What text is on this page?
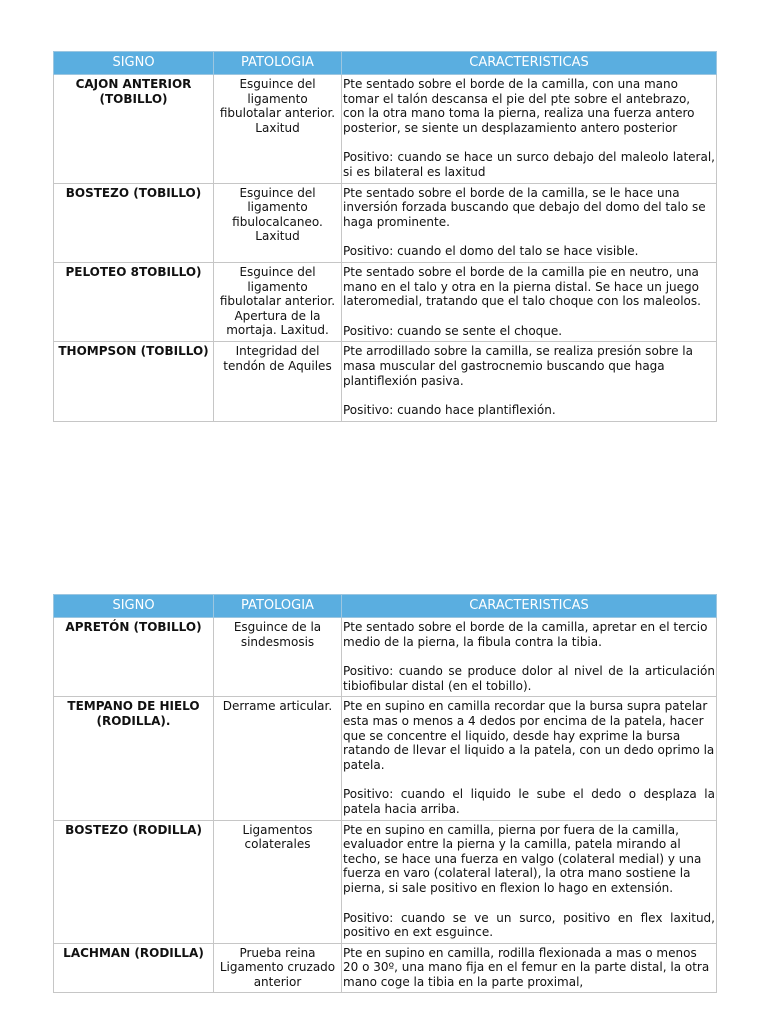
SIGNO	PATOLOGIA	CARACTERISTICAS
CAJON ANTERIOR (TOBILLO)	Esguince del ligamento fibulotalar anterior. Laxitud	Pte sentado sobre el borde de la camilla, con una mano tomar el talón descansa el pie del pte sobre el antebrazo, con la otra mano toma la pierna, realiza una fuerza antero posterior, se siente un desplazamiento antero posterior
Positivo: cuando se hace un surco debajo del maleolo lateral, si es bilateral es laxitud

BOSTEZO (TOBILLO)	Esguince del ligamento fibulocalcaneo. Laxitud	Pte sentado sobre el borde de la camilla, se le hace una inversión forzada buscando que debajo del domo del talo se haga prominente.
Positivo: cuando el domo del talo se hace visible.

PELOTEO 8TOBILLO)	Esguince del ligamento fibulotalar anterior. Apertura de la mortaja. Laxitud.	Pte sentado sobre el borde de la camilla pie en neutro, una mano en el talo y otra en la pierna distal. Se hace un juego lateromedial, tratando que el talo choque con los maleolos.
Positivo: cuando se sente el choque.

THOMPSON (TOBILLO)	Integridad del tendón de Aquiles	Pte arrodillado sobre la camilla, se realiza presión sobre la masa muscular del gastrocnemio buscando que haga plantiflexión pasiva.
Positivo: cuando hace plantiflexión.
SIGNO	PATOLOGIA	CARACTERISTICAS
APRETÓN (TOBILLO)	Esguince de la sindesmosis	Pte sentado sobre el borde de la camilla, apretar en el tercio medio de la pierna, la fibula contra la tibia.
Positivo: cuando se produce dolor al nivel de la articulación tibiofibular distal (en el tobillo).

TEMPANO DE HIELO (RODILLA).	Derrame articular.	Pte en supino en camilla recordar que la bursa supra patelar esta mas o menos a 4 dedos por encima de la patela, hacer que se concentre el liquido, desde hay exprime la bursa ratando de llevar el liquido a la patela, con un dedo oprimo la patela.
Positivo: cuando el liquido le sube el dedo o desplaza la patela hacia arriba.

BOSTEZO (RODILLA)	Ligamentos colaterales	Pte en supino en camilla, pierna por fuera de la camilla, evaluador entre la pierna y la camilla, patela mirando al techo, se hace una fuerza en valgo (colateral medial) y una fuerza en varo (colateral lateral), la otra mano sostiene la pierna, si sale positivo en flexion lo hago en extensión.
Positivo: cuando se ve un surco, positivo en flex laxitud, positivo en ext esguince.

LACHMAN (RODILLA)	Prueba reina Ligamento cruzado anterior	Pte en supino en camilla, rodilla flexionada a mas o menos 20 o 30º, una mano fija en el femur en la parte distal, la otra mano coge la tibia en la parte proximal,
